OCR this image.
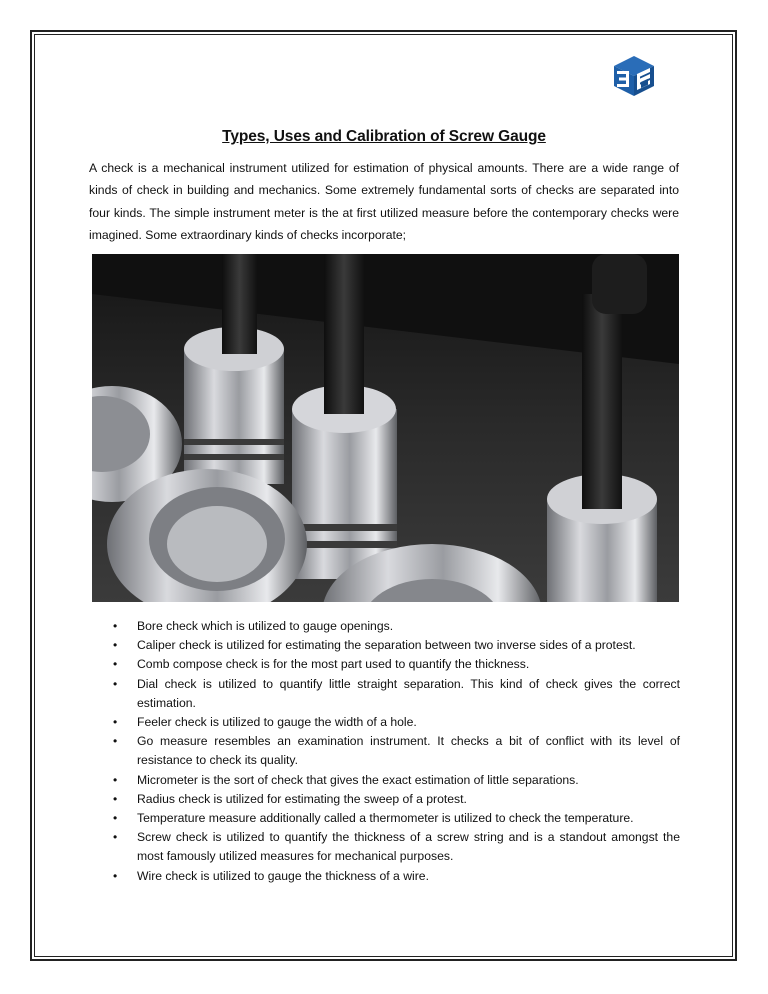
Types, Uses and Calibration of Screw Gauge

A check is a mechanical instrument utilized for estimation of physical amounts. There are a wide range of kinds of check in building and mechanics. Some extremely fundamental sorts of checks are separated into four kinds. The simple instrument meter is the at first utilized measure before the contemporary checks were imagined. Some extraordinary kinds of checks incorporate;

• Bore check which is utilized to gauge openings.
• Caliper check is utilized for estimating the separation between two inverse sides of a protest.
• Comb compose check is for the most part used to quantify the thickness.
• Dial check is utilized to quantify little straight separation. This kind of check gives the correct estimation.
• Feeler check is utilized to gauge the width of a hole.
• Go measure resembles an examination instrument. It checks a bit of conflict with its level of resistance to check its quality.
• Micrometer is the sort of check that gives the exact estimation of little separations.
• Radius check is utilized for estimating the sweep of a protest.
• Temperature measure additionally called a thermometer is utilized to check the temperature.
• Screw check is utilized to quantify the thickness of a screw string and is a standout amongst the most famously utilized measures for mechanical purposes.
• Wire check is utilized to gauge the thickness of a wire.
